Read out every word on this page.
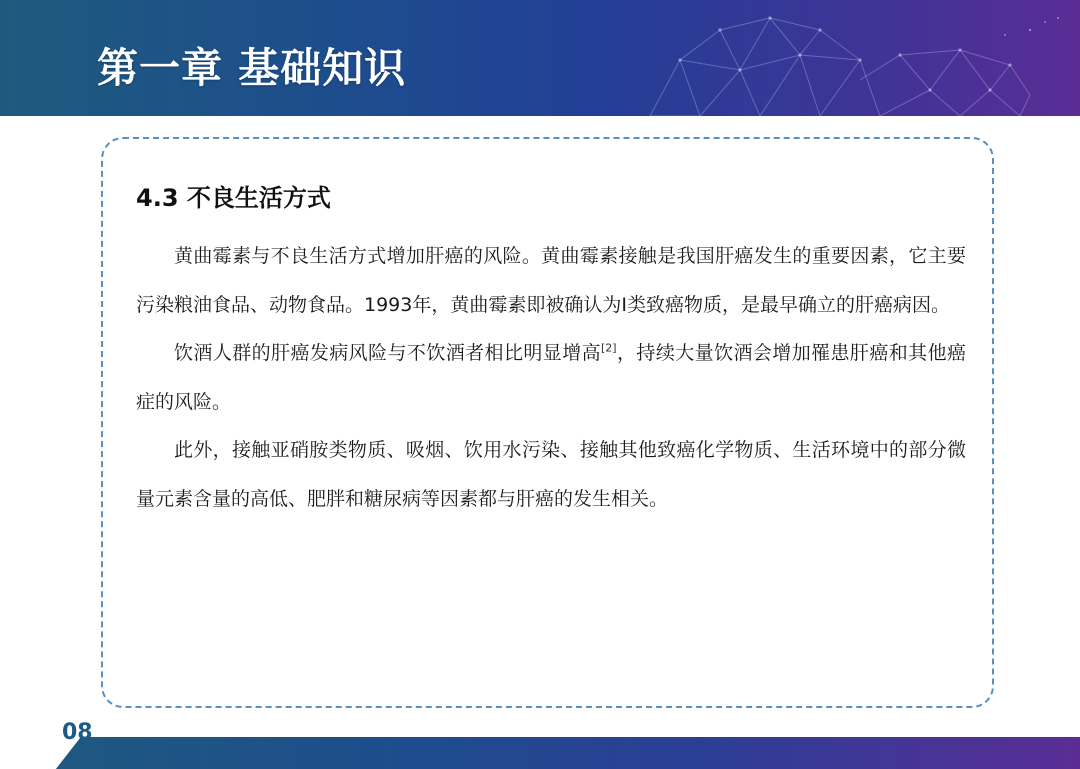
第一章 基础知识
4.3 不良生活方式

黄曲霉素与不良生活方式增加肝癌的风险。黄曲霉素接触是我国肝癌发生的重要因素，它主要污染粮油食品、动物食品。1993年，黄曲霉素即被确认为Ⅰ类致癌物质，是最早确立的肝癌病因。

饮酒人群的肝癌发病风险与不饮酒者相比明显增高[2]，持续大量饮酒会增加罹患肝癌和其他癌症的风险。

此外，接触亚硝胺类物质、吸烟、饮用水污染、接触其他致癌化学物质、生活环境中的部分微量元素含量的高低、肥胖和糖尿病等因素都与肝癌的发生相关。

08
